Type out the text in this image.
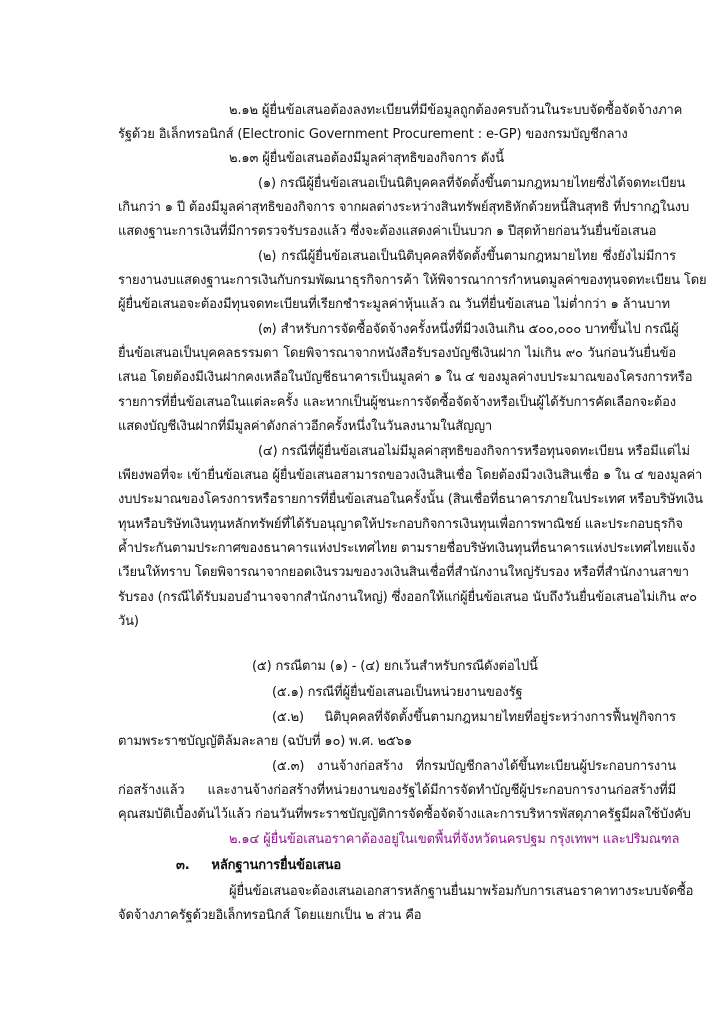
๒.๑๒ ผู้ยื่นข้อเสนอต้องลงทะเบียนที่มีข้อมูลถูกต้องครบถ้วนในระบบจัดซื้อจัดจ้างภาค
รัฐด้วย อิเล็กทรอนิกส์ (Electronic Government Procurement : e-GP) ของกรมบัญชีกลาง
๒.๑๓ ผู้ยื่นข้อเสนอต้องมีมูลค่าสุทธิของกิจการ ดังนี้
(๑) กรณีผู้ยื่นข้อเสนอเป็นนิติบุคคลที่จัดตั้งขึ้นตามกฎหมายไทยซึ่งได้จดทะเบียน
เกินกว่า ๑ ปี ต้องมีมูลค่าสุทธิของกิจการ จากผลต่างระหว่างสินทรัพย์สุทธิหักด้วยหนี้สินสุทธิ ที่ปรากฎในงบ
แสดงฐานะการเงินที่มีการตรวจรับรองแล้ว ซึ่งจะต้องแสดงค่าเป็นบวก ๑ ปีสุดท้ายก่อนวันยื่นข้อเสนอ
(๒) กรณีผู้ยื่นข้อเสนอเป็นนิติบุคคลที่จัดตั้งขึ้นตามกฎหมายไทย ซึ่งยังไม่มีการ
รายงานงบแสดงฐานะการเงินกับกรมพัฒนาธุรกิจการค้า ให้พิจารณาการกำหนดมูลค่าของทุนจดทะเบียน โดย
ผู้ยื่นข้อเสนอจะต้องมีทุนจดทะเบียนที่เรียกชำระมูลค่าหุ้นแล้ว ณ วันที่ยื่นข้อเสนอ ไม่ต่ำกว่า ๑ ล้านบาท
(๓) สำหรับการจัดซื้อจัดจ้างครั้งหนึ่งที่มีวงเงินเกิน ๕๐๐,๐๐๐ บาทขึ้นไป กรณีผู้
ยื่นข้อเสนอเป็นบุคคลธรรมดา โดยพิจารณาจากหนังสือรับรองบัญชีเงินฝาก ไม่เกิน ๙๐ วันก่อนวันยื่นข้อ
เสนอ โดยต้องมีเงินฝากคงเหลือในบัญชีธนาคารเป็นมูลค่า ๑ ใน ๔ ของมูลค่างบประมาณของโครงการหรือ
รายการที่ยื่นข้อเสนอในแต่ละครั้ง และหากเป็นผู้ชนะการจัดซื้อจัดจ้างหรือเป็นผู้ได้รับการคัดเลือกจะต้อง
แสดงบัญชีเงินฝากที่มีมูลค่าดังกล่าวอีกครั้งหนึ่งในวันลงนามในสัญญา
(๔) กรณีที่ผู้ยื่นข้อเสนอไม่มีมูลค่าสุทธิของกิจการหรือทุนจดทะเบียน หรือมีแต่ไม่
เพียงพอที่จะ เข้ายื่นข้อเสนอ ผู้ยื่นข้อเสนอสามารถขอวงเงินสินเชื่อ โดยต้องมีวงเงินสินเชื่อ ๑ ใน ๔ ของมูลค่า
งบประมาณของโครงการหรือรายการที่ยื่นข้อเสนอในครั้งนั้น (สินเชื่อที่ธนาคารภายในประเทศ หรือบริษัทเงิน
ทุนหรือบริษัทเงินทุนหลักทรัพย์ที่ได้รับอนุญาตให้ประกอบกิจการเงินทุนเพื่อการพาณิชย์ และประกอบธุรกิจ
ค้ำประกันตามประกาศของธนาคารแห่งประเทศไทย ตามรายชื่อบริษัทเงินทุนที่ธนาคารแห่งประเทศไทยแจ้ง
เวียนให้ทราบ โดยพิจารณาจากยอดเงินรวมของวงเงินสินเชื่อที่สำนักงานใหญ่รับรอง หรือที่สำนักงานสาขา
รับรอง (กรณีได้รับมอบอำนาจจากสำนักงานใหญ่) ซึ่งออกให้แก่ผู้ยื่นข้อเสนอ นับถึงวันยื่นข้อเสนอไม่เกิน ๙๐
วัน)
(๕) กรณีตาม (๑) - (๔) ยกเว้นสำหรับกรณีดังต่อไปนี้
(๕.๑) กรณีที่ผู้ยื่นข้อเสนอเป็นหน่วยงานของรัฐ
(๕.๒) นิติบุคคลที่จัดตั้งขึ้นตามกฎหมายไทยที่อยู่ระหว่างการฟื้นฟูกิจการ
ตามพระราชบัญญัติล้มละลาย (ฉบับที่ ๑๐) พ.ศ. ๒๕๖๑
(๕.๓) งานจ้างก่อสร้าง ที่กรมบัญชีกลางได้ขึ้นทะเบียนผู้ประกอบการงาน
ก่อสร้างแล้ว และงานจ้างก่อสร้างที่หน่วยงานของรัฐได้มีการจัดทำบัญชีผู้ประกอบการงานก่อสร้างที่มี
คุณสมบัติเบื้องต้นไว้แล้ว ก่อนวันที่พระราชบัญญัติการจัดซื้อจัดจ้างและการบริหารพัสดุภาครัฐมีผลใช้บังคับ
๒.๑๔ ผู้ยื่นข้อเสนอราคาต้องอยู่ในเขตพื้นที่จังหวัดนครปฐม กรุงเทพฯ และปริมณฑล
๓.     หลักฐานการยื่นข้อเสนอ
ผู้ยื่นข้อเสนอจะต้องเสนอเอกสารหลักฐานยื่นมาพร้อมกับการเสนอราคาทางระบบจัดซื้อ
จัดจ้างภาครัฐด้วยอิเล็กทรอนิกส์ โดยแยกเป็น ๒ ส่วน คือ
